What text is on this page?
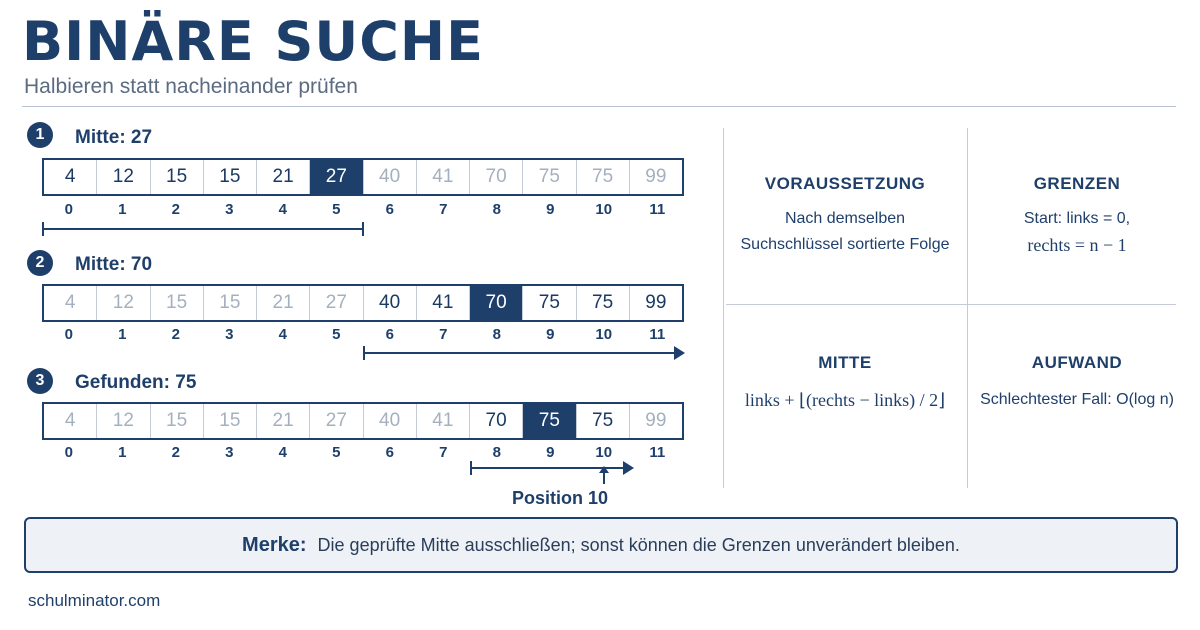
BINÄRE SUCHE
Halbieren statt nacheinander prüfen
1	Mitte: 27
4	12	15	15	21	27	40	41	70	75	75	99
0	1	2	3	4	5	6	7	8	9	10	11
2	Mitte: 70
4	12	15	15	21	27	40	41	70	75	75	99
0	1	2	3	4	5	6	7	8	9	10	11
3	Gefunden: 75
4	12	15	15	21	27	40	41	70	75	75	99
0	1	2	3	4	5	6	7	8	9	10	11
Position 10
VORAUSSETZUNG
Nach demselben
Suchschlüssel sortierte Folge
GRENZEN
Start: links = 0,
rechts = n − 1
MITTE
links + ⌊(rechts − links) / 2⌋
AUFWAND
Schlechtester Fall: O(log n)
Merke: Die geprüfte Mitte ausschließen; sonst können die Grenzen unverändert bleiben.
schulminator.com
